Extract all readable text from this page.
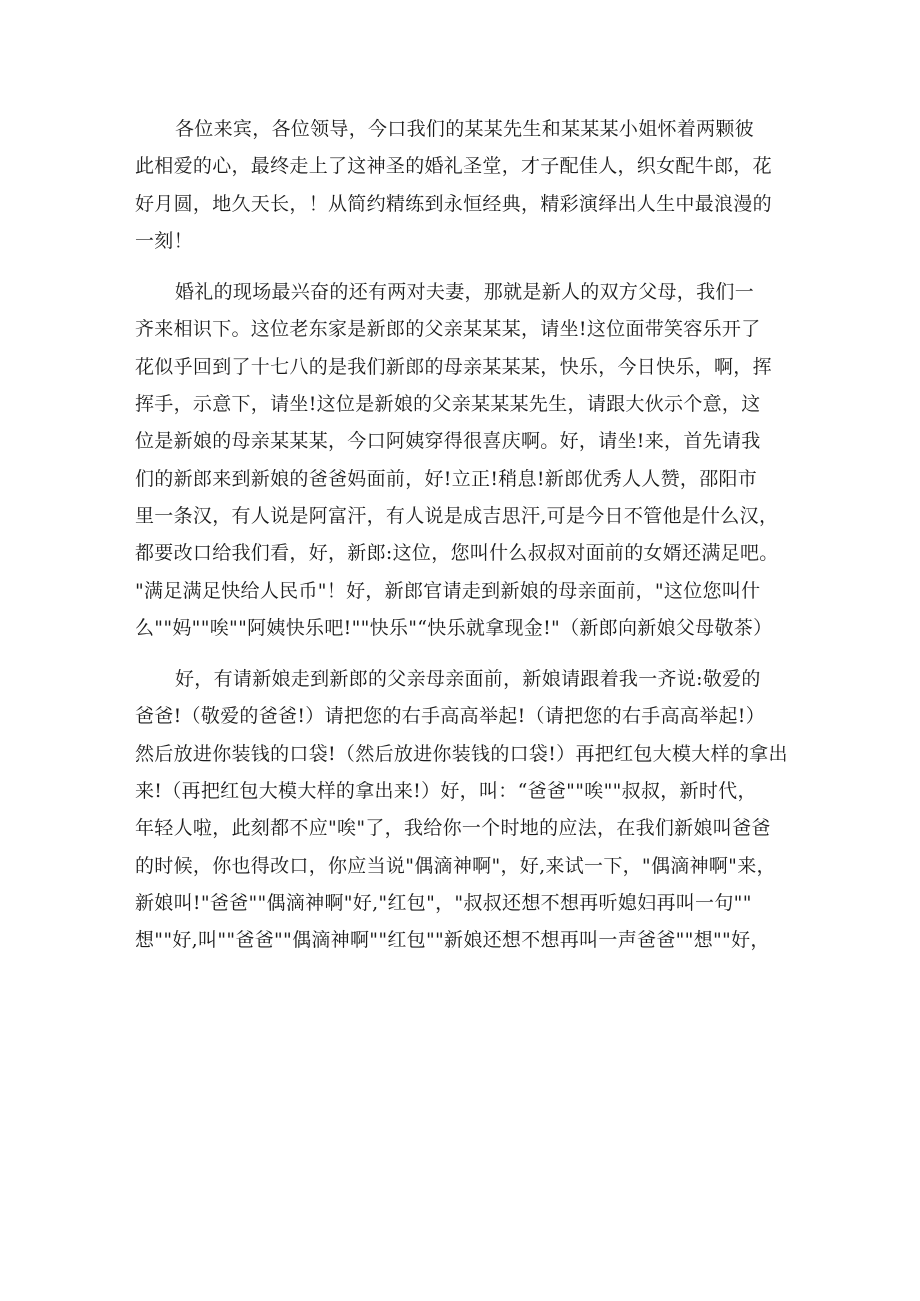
各位来宾，各位领导，今口我们的某某先生和某某某小姐怀着两颗彼
此相爱的心，最终走上了这神圣的婚礼圣堂，才子配佳人，织女配牛郎，花
好月圆，地久天长，！从简约精练到永恒经典，精彩演绎出人生中最浪漫的
一刻！
婚礼的现场最兴奋的还有两对夫妻，那就是新人的双方父母，我们一
齐来相识下。这位老东家是新郎的父亲某某某，请坐!这位面带笑容乐开了
花似乎回到了十七八的是我们新郎的母亲某某某，快乐，今日快乐，啊，挥
挥手，示意下，请坐!这位是新娘的父亲某某某先生，请跟大伙示个意，这
位是新娘的母亲某某某，今口阿姨穿得很喜庆啊。好，请坐!来，首先请我
们的新郎来到新娘的爸爸妈面前，好!立正!稍息!新郎优秀人人赞，邵阳市
里一条汉，有人说是阿富汗，有人说是成吉思汗,可是今日不管他是什么汉，
都要改口给我们看，好，新郎:这位，您叫什么叔叔对面前的女婿还满足吧。
"满足满足快给人民币"！好，新郎官请走到新娘的母亲面前，"这位您叫什
么""妈""唉""阿姨快乐吧!""快乐"“快乐就拿现金!"（新郎向新娘父母敬茶）
好，有请新娘走到新郎的父亲母亲面前，新娘请跟着我一齐说:敬爱的
爸爸!（敬爱的爸爸!）请把您的右手高高举起!（请把您的右手高高举起!）
然后放进你装钱的口袋!（然后放进你装钱的口袋!）再把红包大模大样的拿出
来!（再把红包大模大样的拿出来!）好，叫：“爸爸""唉""叔叔，新时代，
年轻人啦，此刻都不应"唉"了，我给你一个时地的应法，在我们新娘叫爸爸
的时候，你也得改口，你应当说"偶滴神啊"，好,来试一下，"偶滴神啊"来，
新娘叫!"爸爸""偶滴神啊"好,"红包"，"叔叔还想不想再听媳妇再叫一句""
想""好,叫""爸爸""偶滴神啊""红包""新娘还想不想再叫一声爸爸""想""好，
